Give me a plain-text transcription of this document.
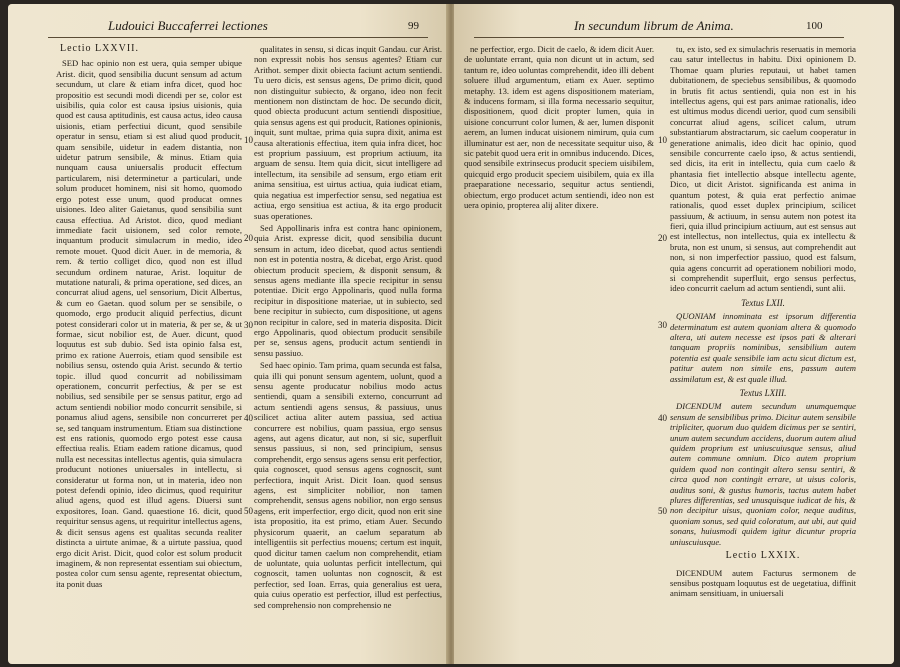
Ludouici Buccaferrei lectiones	99
Lectio LXXVII.

SED hac opinio non est uera, quia semper ubique Arist. dicit, quod sensibilia ducunt sensum ad actum secundum, ut clare & etiam infra dicet, quod hoc propositio est secundi modi dicendi per se, color est uisibilis, quia color est causa ipsius uisionis, quia quod est causa aptitudinis, est causa actus, ideo causa uisionis, etiam perfectiui dicunt, quod sensibile operatur in sensu, etiam si est aliud quod producit, quam sensibile, uidetur in eadem distantia, non uidetur patrum sensibile, & minus. Etiam quia nunquam causa uniuersalis producit effectum particularem, nisi determinetur a particulari, unde solum producet hominem, nisi sit homo, quomodo ergo potest esse unum, quod producat omnes uisiones. Ideo aliter Gaietanus, quod sensibilia sunt causa effectiua. Ad Aristot. dico, quod mediant immediate facit uisionem, sed color remote, inquantum producit simulacrum in medio, ideo remote mouet. Quod dicit Auer. in de memoria, & rem. & tertio colliget dico, quod non est illud secundum ordinem naturae, Arist. loquitur de mutatione naturali, & prima operatione, sed dices, an concurrat aliud agens, uel sensorium, Dicit Albertus, & cum eo Gaetan. quod solum per se sensibile, o quomodo, ergo producit aliquid perfectius, dicunt potest considerari color ut in materia, & per se, & ut formae, sicut nobilior est, de Auer. dicunt, quod loquutus est sub dubio. Sed ista opinio falsa est, primo ex ratione Auerrois, etiam quod sensibile est nobilius sensu, ostendo quia Arist. secundo & tertio topic. illud quod concurrit ad nobilissimam operationem, concurrit perfectius, & per se est nobilius, sed sensibile per se sensus patitur, ergo ad actum sentiendi nobilior modo concurrit sensibile, si ponamus aliud agens, sensibile non concurreret per se, sed tanquam instrumentum. Etiam sua distinctione est ens rationis, quomodo ergo potest esse causa effectiua realis. Etiam eadem ratione dicamus, quod nulla est necessitas intellectus agentis, quia simulacra producunt notiones uniuersales in intellectu, si consideratur ut forma non, ut in materia, ideo non potest defendi opinio, ideo dicimus, quod requiritur aliud agens, quod est illud agens. Diuersi sunt expositores, Ioan. Gand. quaestione 16. dicit, quod requiritur sensus agens, ut requiritur intellectus agens, & dicit sensus agens est qualitas secunda realiter distincta a uirtute animae, & a uirtute passiua, quod ergo dicit Arist. Dicit, quod color est solum producit imaginem, & non representat essentiam sui obiectum, postea color cum sensu agente, representat obiectum, ita ponit duas

qualitates in sensu, si dicas inquit Gandau. cur Arist. non expressit nobis hos sensus agentes? Etiam cur Arithot. semper dixit obiecta faciunt actum sentiendi. Tu uero dicis, est sensus agens, De primo dicit, quod non distinguitur subiecto, & organo, ideo non fecit mentionem non distinctam de hoc. De secundo dicit, quod obiecta producunt actum sentiendi dispositiue, quia sensus agens est qui producit, Rationes opinionis, inquit, sunt multae, prima quia supra dixit, anima est causa alterationis effectiua, item quia infra dicet, hoc est proprium passiuum, est proprium actiuum, ita arguam de sensu. Item quia dicit, sicut intelligere ad intellectum, ita sensibile ad sensum, ergo etiam erit anima sensitiua, est uirtus actiua, quia iudicat etiam, quia negatiua est imperfectior sensu, sed negatiua est actiua, ergo sensitiua est actiua, & ita ergo producit suas operationes.

Sed Appollinaris infra est contra hanc opinionem, quia Arist. expresse dicit, quod sensibilia ducunt sensum in actum, ideo dicebat, quod actus sentiendi non est in potentia nostra, & dicebat, ergo Arist. quod obiectum producit speciem, & disponit sensum, & sensus agens mediante illa specie recipitur in sensu potentiae. Dicit ergo Appolinaris, quod nulla forma recipitur in dispositione materiae, ut in subiecto, sed bene recipitur in subiecto, cum dispositione, ut agens non recipitur in calore, sed in materia disposita. Dicit ergo Appolinaris, quod obiectum producit sensibile per se, sensus agens, producit actum sentiendi in sensu passiuo.

Sed haec opinio. Tam prima, quam secunda est falsa, quia illi qui ponunt sensum agentem, uolunt, quod a sensu agente producatur nobilius modo actus sentiendi, quam a sensibili externo, concurrunt ad actum sentiendi agens sensus, & passiuus, unus scilicet actiua aliter autem passiua, sed actiua concurrere est nobilius, quam passiua, ergo sensus agens, aut agens dicatur, aut non, si sic, superfluit sensus passiuus, si non, sed principium, sensus comprehendit, ergo sensus agens sensu erit perfectior, quia cognoscet, quod sensus agens cognoscit, sunt perfectiora, inquit Arist. Dicit Ioan. quod sensus agens, est simpliciter nobilior, non tamen comprehendit, sensus agens nobilior, non ergo sensus agens, erit imperfectior, ergo dicit, quod non erit sine ista propositio, ita est primo, etiam Auer. Secundo physicorum quaerit, an caelum separatum ab intelligentiis sit perfectius mouens; certum est inquit, quod dicitur tamen caelum non comprehendit, etiam de uoluntate, quia uoluntas perficit intellectum, qui cognoscit, tamen uoluntas non cognoscit, & est perfectior, sed Ioan. Erras, quia generalius est uera, quia cuius operatio est perfectior, illud est perfectius, sed comprehensio non comprehensio ne

10
20
30
40
50
In secundum librum de Anima.	100

ne perfectior, ergo. Dicit de caelo, & idem dicit Auer. de uoluntate errant, quia non dicunt ut in actum, sed tantum re, ideo uoluntas comprehendit, ideo illi debent soluere illud argumentum, etiam ex Auer. septimo metaphy. 13. idem est agens dispositionem materiam, & inducens formam, si illa forma necessario sequitur, dispositionem, quod dicit propter lumen, quia in uisione concurrunt color lumen, & aer, lumen disponit aerem, an lumen inducat uisionem nimirum, quia cum illuminatur est aer, non de necessitate sequitur uiso, & sic patebit quod uera erit in omnibus inducendo. Dices, quod sensibile extrinsecus producit speciem uisibilem, quicquid ergo producit speciem uisibilem, quia ex illa praeparatione necessario, sequitur actus sentiendi, obiectum, ergo producet actum sentiendi, ideo non est uera opinio, propterea alij aliter dixere.

tu, ex isto, sed ex simulachris reseruatis in memoria cau satur intellectus in habitu. Dixi opinionem D. Thomae quam pluries reputaui, ut habet tamen dubitationem, de speciebus sensibilibus, & quomodo in brutis fit actus sentiendi, quia non est in his intellectus agens, qui est pars animae rationalis, ideo est ultimus modus dicendi uerior, quod cum sensibili concurrat aliud agens, scilicet calum, utrum substantiarum abstractarum, sic caelum cooperatur in generatione animalis, ideo dicit hac opinio, quod sensibile concurrente caelo ipso, & actus sentiendi, sed dicis, ita erit in intellectu, quia cum caelo & phantasia fiet intellectio absque intellectu agente, Dico, ut dicit Aristot. significanda est anima in quantum potest, & quia erat perfectio animae rationalis, quod esset duplex principium, scilicet passiuum, & actiuum, in sensu autem non potest ita fieri, quia illud principium actiuum, aut est sensus aut est intellectus, non intellectus, quia ex intellectu & bruta, non est unum, si sensus, aut comprehendit aut non, si non imperfectior passiuo, quod est falsum, quia agens concurrit ad operationem nobiliori modo, si comprehendit superfluit, ergo sensus perfectus, ideo concurrit caelum ad actum sentiendi, sunt alii.

Textus LXII.

QUONIAM innominata est ipsorum differentia determinatum est autem quoniam altera & quomodo altera, uti autem necesse est ipsos pati & alterari tanquam propriis nominibus, sensibilium autem potentia est quale sensibile iam actu sicut dictum est, patitur autem non simile ens, passum autem assimilatum est, & est quale illud.

Textus LXIII.

DICENDUM autem secundum unumquemque sensum de sensibilibus primo. Dicitur autem sensibile tripliciter, quorum duo quidem dicimus per se sentiri, unum autem secundum accidens, duorum autem aliud quidem proprium est uniuscuiusque sensus, aliud autem commune omnium. Dico autem proprium quidem quod non contingit altero sensu sentiri, & circa quod non contingit errare, ut uisus coloris, auditus soni, & gustus humoris, tactus autem habet plures differentias, sed unusquisque iudicat de his, & non decipitur uisus, quoniam color, neque auditus, quoniam sonus, sed quid coloratum, aut ubi, aut quid sonans, huiusmodi quidem igitur dicuntur propria uniuscuiusque.

Lectio LXXIX.

DICENDUM autem Facturus sermonem de sensibus postquam loquutus est de uegetatiua, diffinit animam sensitiuam, in uniuersali

10
20
30
40
50
